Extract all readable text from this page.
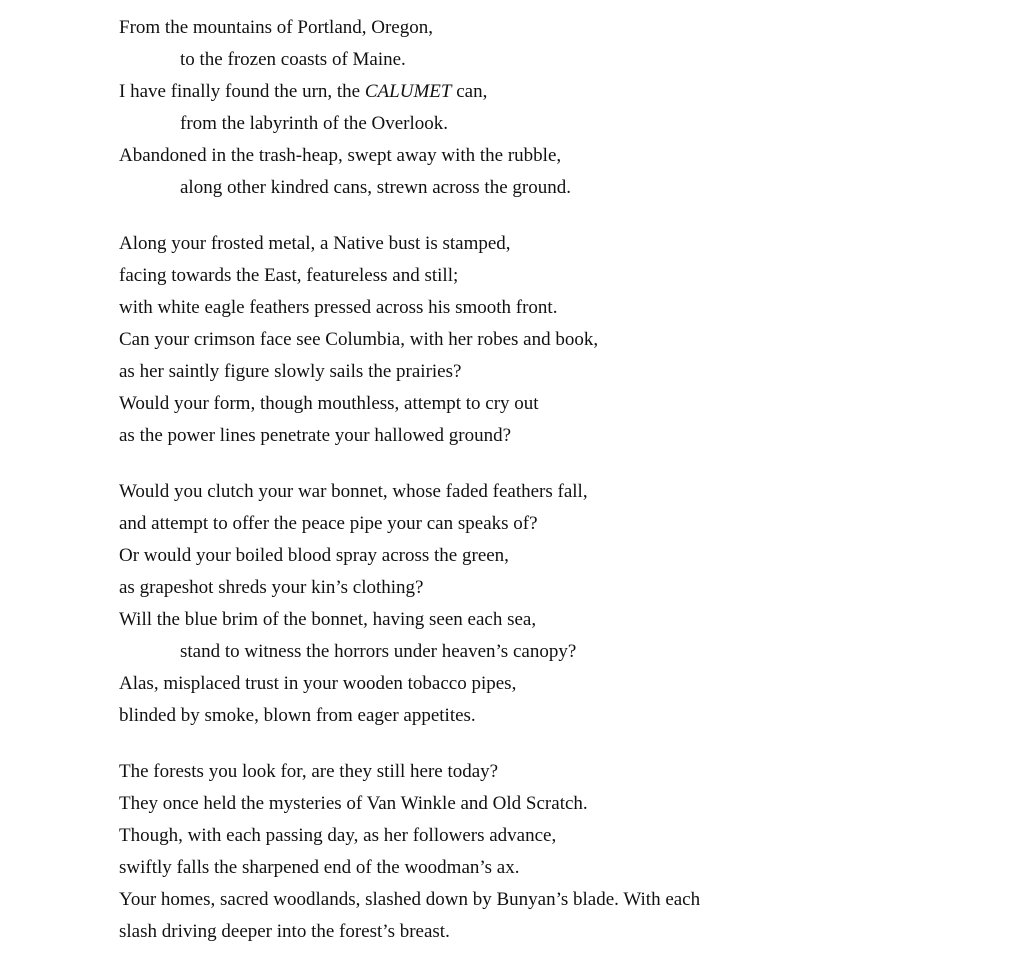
From the mountains of Portland, Oregon,
to the frozen coasts of Maine.
I have finally found the urn, the CALUMET can,
from the labyrinth of the Overlook.
Abandoned in the trash-heap, swept away with the rubble,
along other kindred cans, strewn across the ground.
Along your frosted metal, a Native bust is stamped,
facing towards the East, featureless and still;
with white eagle feathers pressed across his smooth front.
Can your crimson face see Columbia, with her robes and book,
as her saintly figure slowly sails the prairies?
Would your form, though mouthless, attempt to cry out
as the power lines penetrate your hallowed ground?
Would you clutch your war bonnet, whose faded feathers fall,
and attempt to offer the peace pipe your can speaks of?
Or would your boiled blood spray across the green,
as grapeshot shreds your kin’s clothing?
Will the blue brim of the bonnet, having seen each sea,
stand to witness the horrors under heaven’s canopy?
Alas, misplaced trust in your wooden tobacco pipes,
blinded by smoke, blown from eager appetites.
The forests you look for, are they still here today?
They once held the mysteries of Van Winkle and Old Scratch.
Though, with each passing day, as her followers advance,
swiftly falls the sharpened end of the woodman’s ax.
Your homes, sacred woodlands, slashed down by Bunyan’s blade. With each
slash driving deeper into the forest’s breast.
